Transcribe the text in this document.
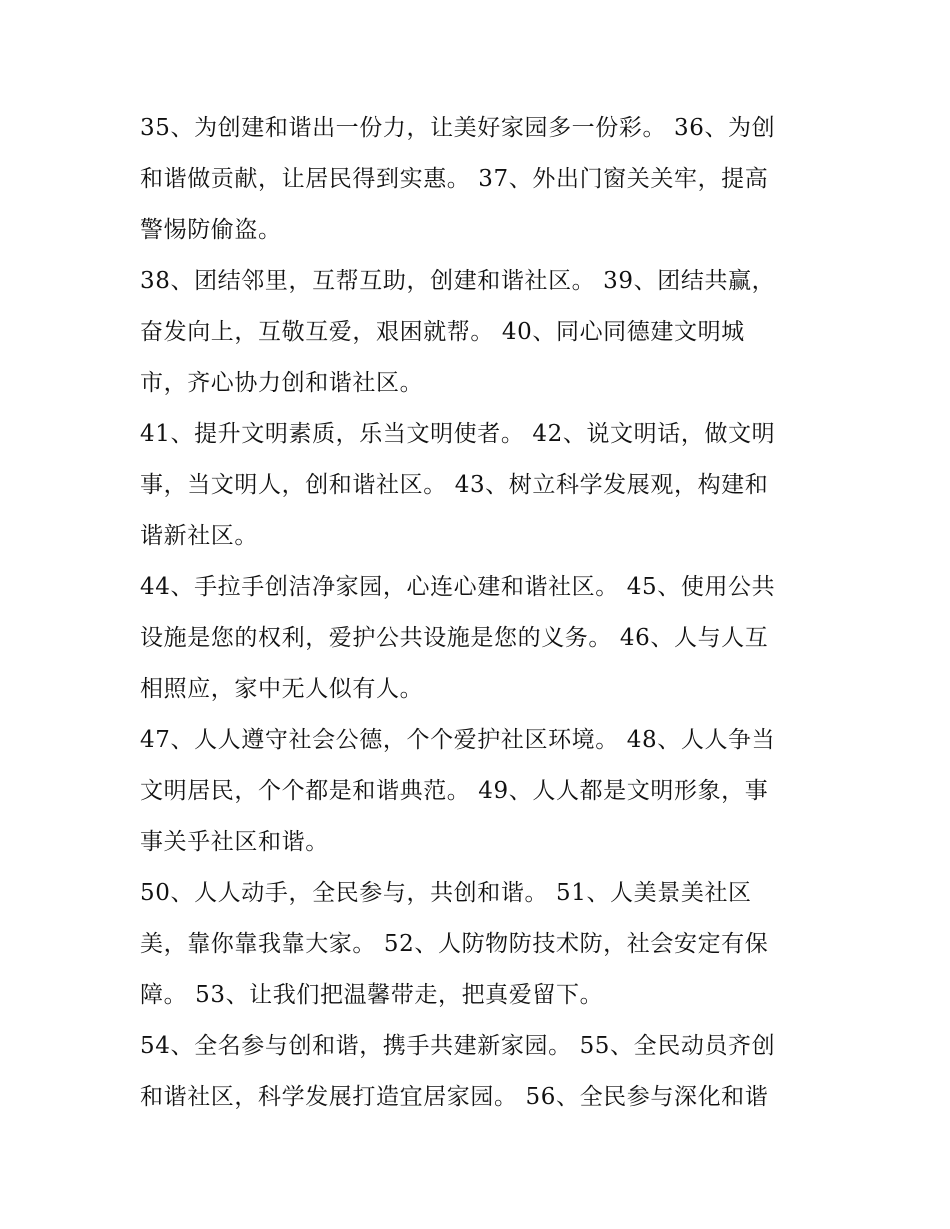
35、为创建和谐出一份力，让美好家园多一份彩。 36、为创
和谐做贡献，让居民得到实惠。 37、外出门窗关关牢，提高
警惕防偷盗。
38、团结邻里，互帮互助，创建和谐社区。 39、团结共赢，
奋发向上，互敬互爱，艰困就帮。 40、同心同德建文明城
市，齐心协力创和谐社区。
41、提升文明素质，乐当文明使者。 42、说文明话，做文明
事，当文明人，创和谐社区。 43、树立科学发展观，构建和
谐新社区。
44、手拉手创洁净家园，心连心建和谐社区。 45、使用公共
设施是您的权利，爱护公共设施是您的义务。 46、人与人互
相照应，家中无人似有人。
47、人人遵守社会公德，个个爱护社区环境。 48、人人争当
文明居民，个个都是和谐典范。 49、人人都是文明形象，事
事关乎社区和谐。
50、人人动手，全民参与，共创和谐。 51、人美景美社区
美，靠你靠我靠大家。 52、人防物防技术防，社会安定有保
障。 53、让我们把温馨带走，把真爱留下。
54、全名参与创和谐，携手共建新家园。 55、全民动员齐创
和谐社区，科学发展打造宜居家园。 56、全民参与深化和谐
